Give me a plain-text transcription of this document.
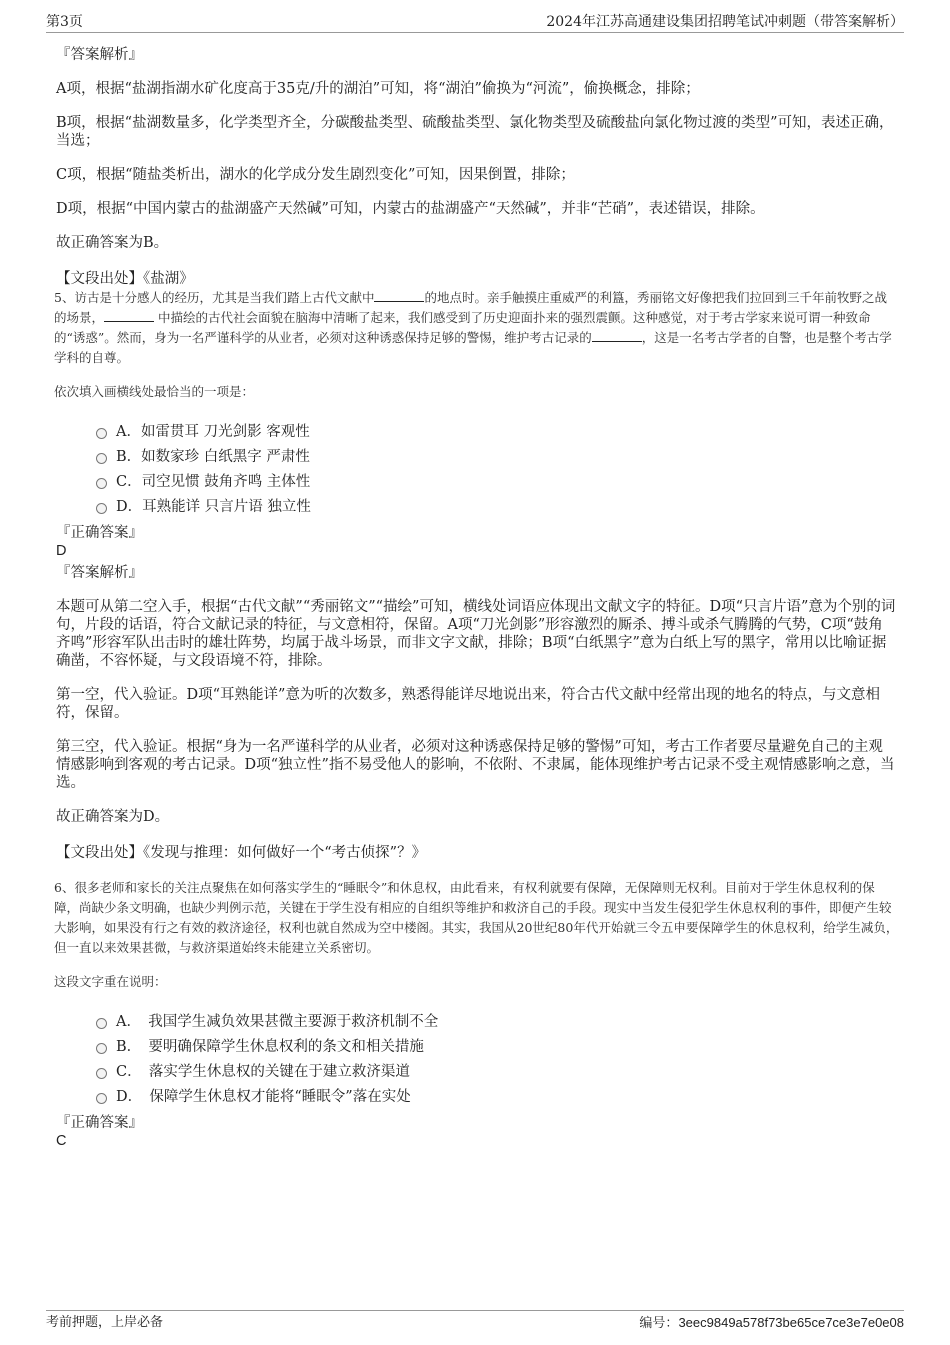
第3页	2024年江苏高通建设集团招聘笔试冲刺题（带答案解析）

『答案解析』

A项，根据“盐湖指湖水矿化度高于35克/升的湖泊”可知，将“湖泊”偷换为“河流”，偷换概念，排除；

B项，根据“盐湖数量多，化学类型齐全，分碳酸盐类型、硫酸盐类型、氯化物类型及硫酸盐向氯化物过渡的类型”可知，表述正确，当选；

C项，根据“随盐类析出，湖水的化学成分发生剧烈变化”可知，因果倒置，排除；

D项，根据“中国内蒙古的盐湖盛产天然碱”可知，内蒙古的盐湖盛产“天然碱”，并非“芒硝”，表述错误，排除。

故正确答案为B。

【文段出处】《盐湖》

5、访古是十分感人的经历，尤其是当我们踏上古代文献中	的地点时。亲手触摸庄重威严的利簋，秀丽铭文好像把我们拉回到三千年前牧野之战的场景，	中描绘的古代社会面貌在脑海中清晰了起来，我们感受到了历史迎面扑来的强烈震颤。这种感觉，对于考古学家来说可谓一种致命的“诱惑”。然而，身为一名严谨科学的从业者，必须对这种诱惑保持足够的警惕，维护考古记录的	，这是一名考古学者的自警，也是整个考古学学科的自尊。

依次填入画横线处最恰当的一项是：

A．如雷贯耳 刀光剑影 客观性
B．如数家珍 白纸黑字 严肃性
C．司空见惯 鼓角齐鸣 主体性
D．耳熟能详 只言片语 独立性

『正确答案』

D

『答案解析』

本题可从第二空入手，根据“古代文献”“秀丽铭文”“描绘”可知，横线处词语应体现出文献文字的特征。D项“只言片语”意为个别的词句，片段的话语，符合文献记录的特征，与文意相符，保留。A项“刀光剑影”形容激烈的厮杀、搏斗或杀气腾腾的气势，C项“鼓角齐鸣”形容军队出击时的雄壮阵势，均属于战斗场景，而非文字文献，排除；B项“白纸黑字”意为白纸上写的黑字，常用以比喻证据确凿，不容怀疑，与文段语境不符，排除。

第一空，代入验证。D项“耳熟能详”意为听的次数多，熟悉得能详尽地说出来，符合古代文献中经常出现的地名的特点，与文意相符，保留。

第三空，代入验证。根据“身为一名严谨科学的从业者，必须对这种诱惑保持足够的警惕”可知，考古工作者要尽量避免自己的主观情感影响到客观的考古记录。D项“独立性”指不易受他人的影响，不依附、不隶属，能体现维护考古记录不受主观情感影响之意，当选。

故正确答案为D。

【文段出处】《发现与推理：如何做好一个“考古侦探”？》

6、很多老师和家长的关注点聚焦在如何落实学生的“睡眠令”和休息权，由此看来，有权利就要有保障，无保障则无权利。目前对于学生休息权利的保障，尚缺少条文明确，也缺少判例示范，关键在于学生没有相应的自组织等维护和救济自己的手段。现实中当发生侵犯学生休息权利的事件，即便产生较大影响，如果没有行之有效的救济途径，权利也就自然成为空中楼阁。其实，我国从20世纪80年代开始就三令五申要保障学生的休息权利，给学生减负，但一直以来效果甚微，与救济渠道始终未能建立关系密切。

这段文字重在说明：

A．　我国学生减负效果甚微主要源于救济机制不全
B．　要明确保障学生休息权利的条文和相关措施
C．　落实学生休息权的关键在于建立救济渠道
D．　保障学生休息权才能将“睡眠令”落在实处

『正确答案』

C

考前押题，上岸必备	编号：3eec9849a578f73be65ce7ce3e7e0e08
